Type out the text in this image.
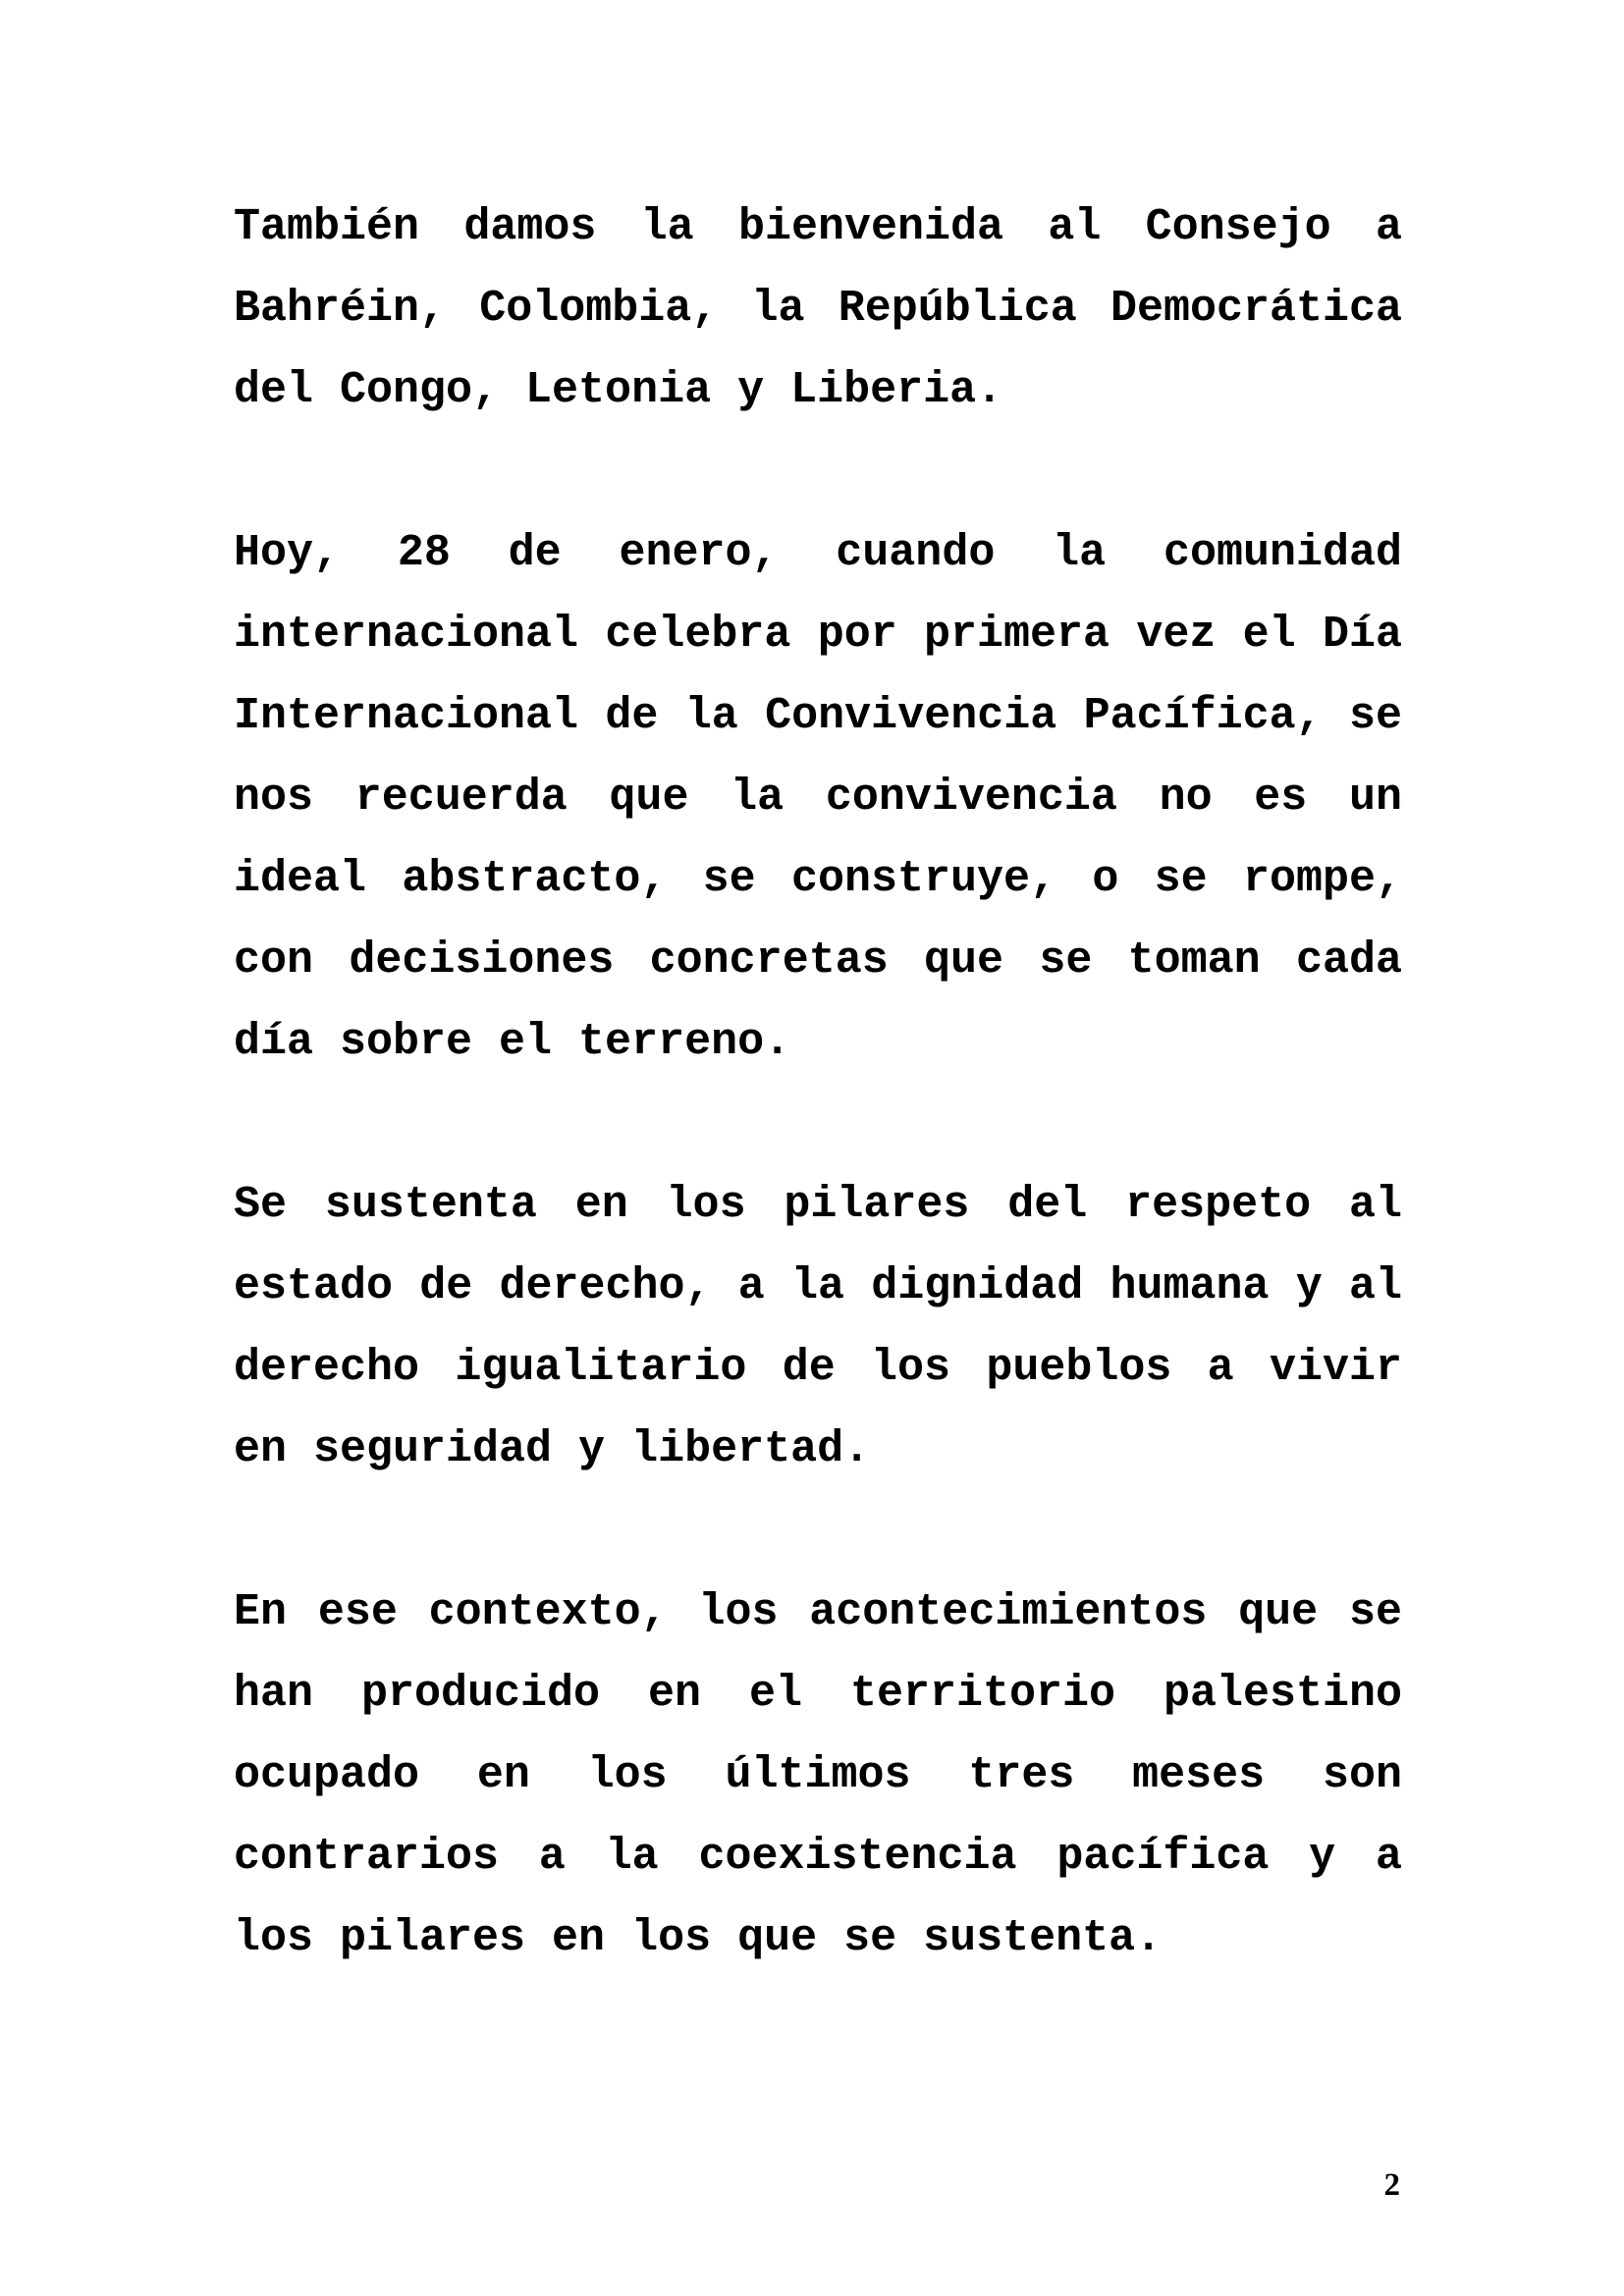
También damos la bienvenida al Consejo a Bahréin, Colombia, la República Democrática del Congo, Letonia y Liberia.

Hoy, 28 de enero, cuando la comunidad internacional celebra por primera vez el Día Internacional de la Convivencia Pacífica, se nos recuerda que la convivencia no es un ideal abstracto, se construye, o se rompe, con decisiones concretas que se toman cada día sobre el terreno.

Se sustenta en los pilares del respeto al estado de derecho, a la dignidad humana y al derecho igualitario de los pueblos a vivir en seguridad y libertad.

En ese contexto, los acontecimientos que se han producido en el territorio palestino ocupado en los últimos tres meses son contrarios a la coexistencia pacífica y a los pilares en los que se sustenta.

2
